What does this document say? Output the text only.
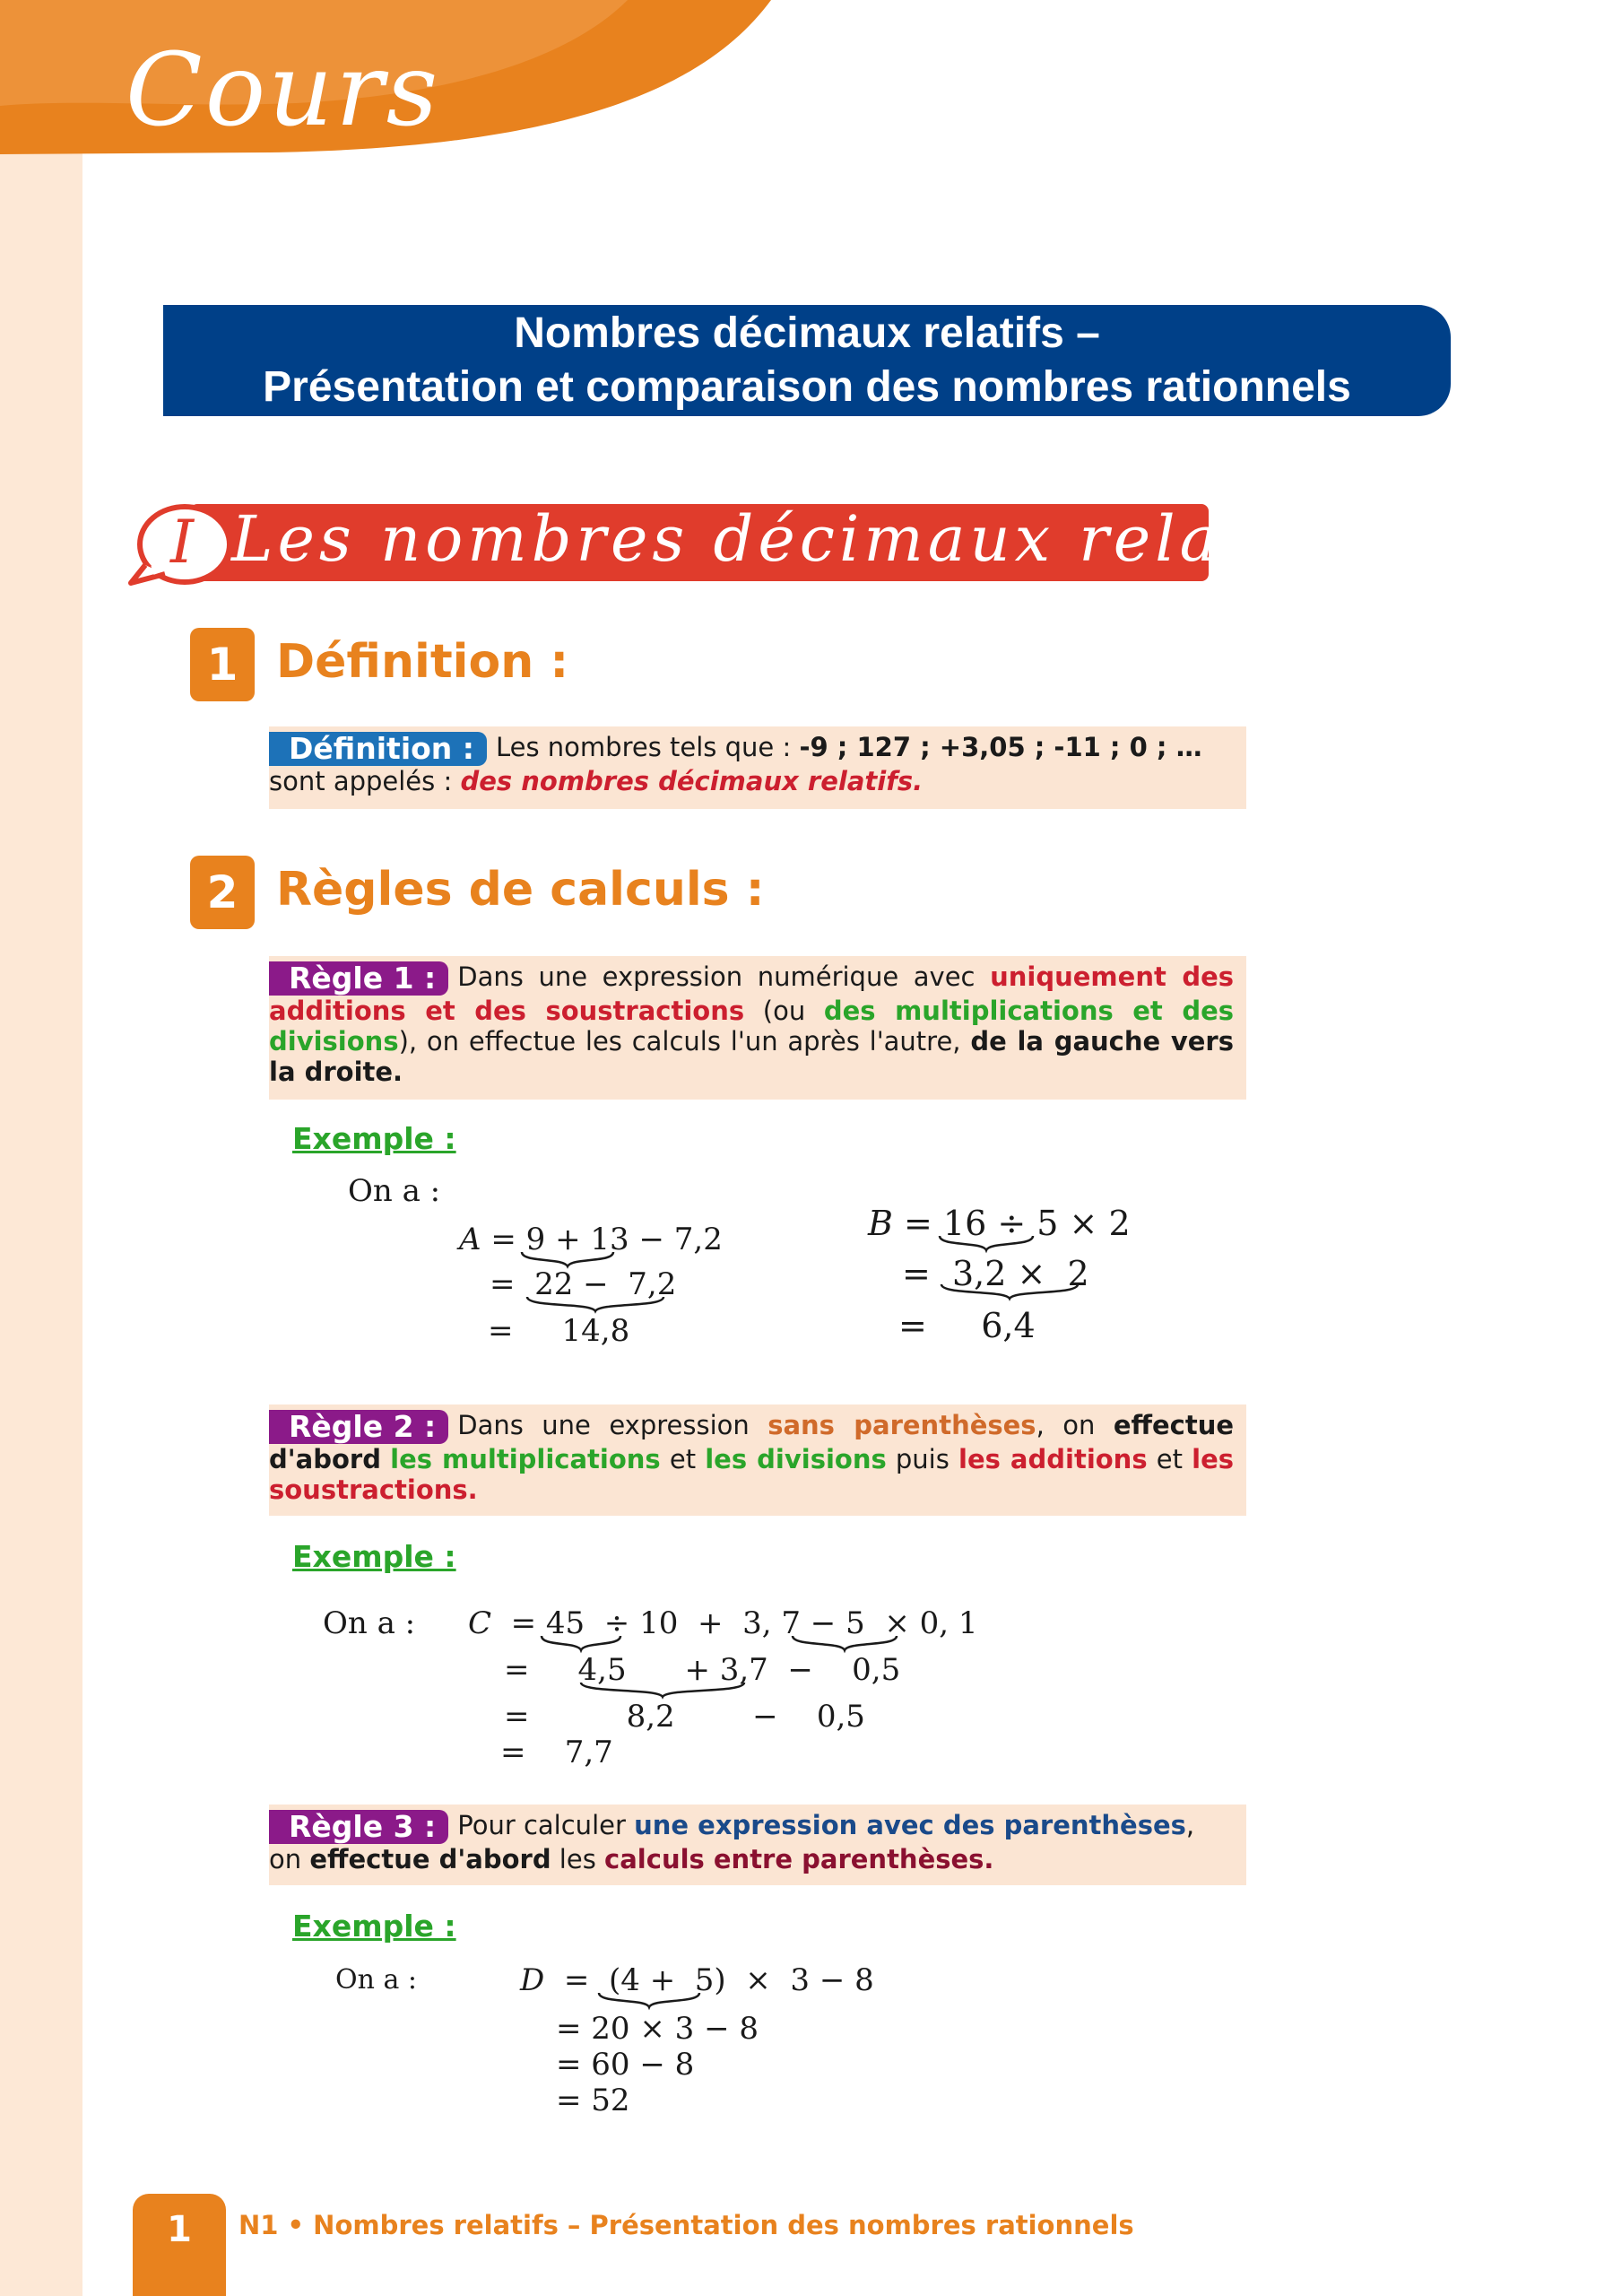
Cours
Nombres décimaux relatifs –
Présentation et comparaison des nombres rationnels
I Les nombres décimaux relatifs
1 Définition :
Définition : Les nombres tels que : -9 ; 127 ; +3,05 ; -11 ; 0 ; …
sont appelés : des nombres décimaux relatifs.
2 Règles de calculs :
Règle 1 : Dans une expression numérique avec uniquement des additions et des soustractions (ou des multiplications et des divisions), on effectue les calculs l'un après l'autre, de la gauche vers la droite.
Exemple :
On a :
A = 9 + 13 − 7,2
=  22 −  7,2
=     14,8
B = 16 ÷ 5 × 2
=  3,2 ×  2
=     6,4
Règle 2 : Dans une expression sans parenthèses, on effectue d'abord les multiplications et les divisions puis les additions et les soustractions.
Exemple :
On a : C  = 45  ÷ 10  +  3, 7 − 5  × 0, 1
=     4,5      + 3,7  −    0,5
=          8,2        −    0,5
=    7,7
Règle 3 : Pour calculer une expression avec des parenthèses,
on effectue d'abord les calculs entre parenthèses.
Exemple :
On a :	D  =  (4 +  5)  ×  3 − 8
= 20 × 3 − 8
= 60 − 8
= 52
1	N1 • Nombres relatifs – Présentation des nombres rationnels
